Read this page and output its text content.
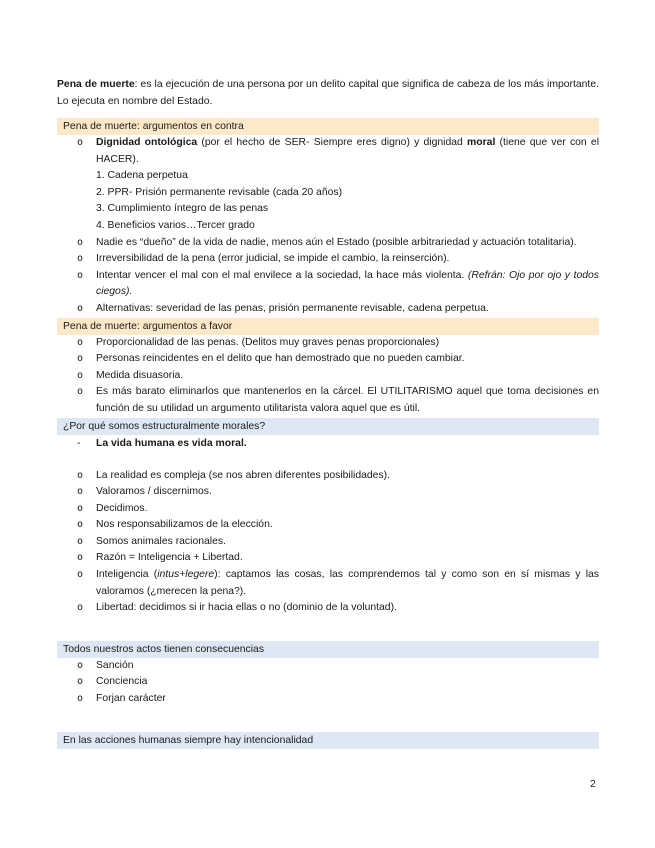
Pena de muerte: es la ejecución de una persona por un delito capital que significa de cabeza de los más importante. Lo ejecuta en nombre del Estado.

Pena de muerte: argumentos en contra
o Dignidad ontológica (por el hecho de SER- Siempre eres digno) y dignidad moral (tiene que ver con el HACER).
1. Cadena perpetua
2. PPR- Prisión permanente revisable (cada 20 años)
3. Cumplimiento íntegro de las penas
4. Beneficios varios…Tercer grado
o Nadie es “dueño” de la vida de nadie, menos aún el Estado (posible arbitrariedad y actuación totalitaria).
o Irreversibilidad de la pena (error judicial, se impide el cambio, la reinserción).
o Intentar vencer el mal con el mal envilece a la sociedad, la hace más violenta. (Refrán: Ojo por ojo y todos ciegos).
o Alternativas: severidad de las penas, prisión permanente revisable, cadena perpetua.
Pena de muerte: argumentos a favor
o Proporcionalidad de las penas. (Delitos muy graves penas proporcionales)
o Personas reincidentes en el delito que han demostrado que no pueden cambiar.
o Medida disuasoria.
o Es más barato eliminarlos que mantenerlos en la cárcel. El UTILITARISMO aquel que toma decisiones en función de su utilidad un argumento utilitarista valora aquel que es útil.
¿Por qué somos estructuralmente morales?
- La vida humana es vida moral.
o La realidad es compleja (se nos abren diferentes posibilidades).
o Valoramos / discernimos.
o Decidimos.
o Nos responsabilizamos de la elección.
o Somos animales racionales.
o Razón = Inteligencia + Libertad.
o Inteligencia (intus+legere): captamos las cosas, las comprendemos tal y como son en sí mismas y las valoramos (¿merecen la pena?).
o Libertad: decidimos si ir hacia ellas o no (dominio de la voluntad).
Todos nuestros actos tienen consecuencias
o Sanción
o Conciencia
o Forjan carácter
En las acciones humanas siempre hay intencionalidad
2
